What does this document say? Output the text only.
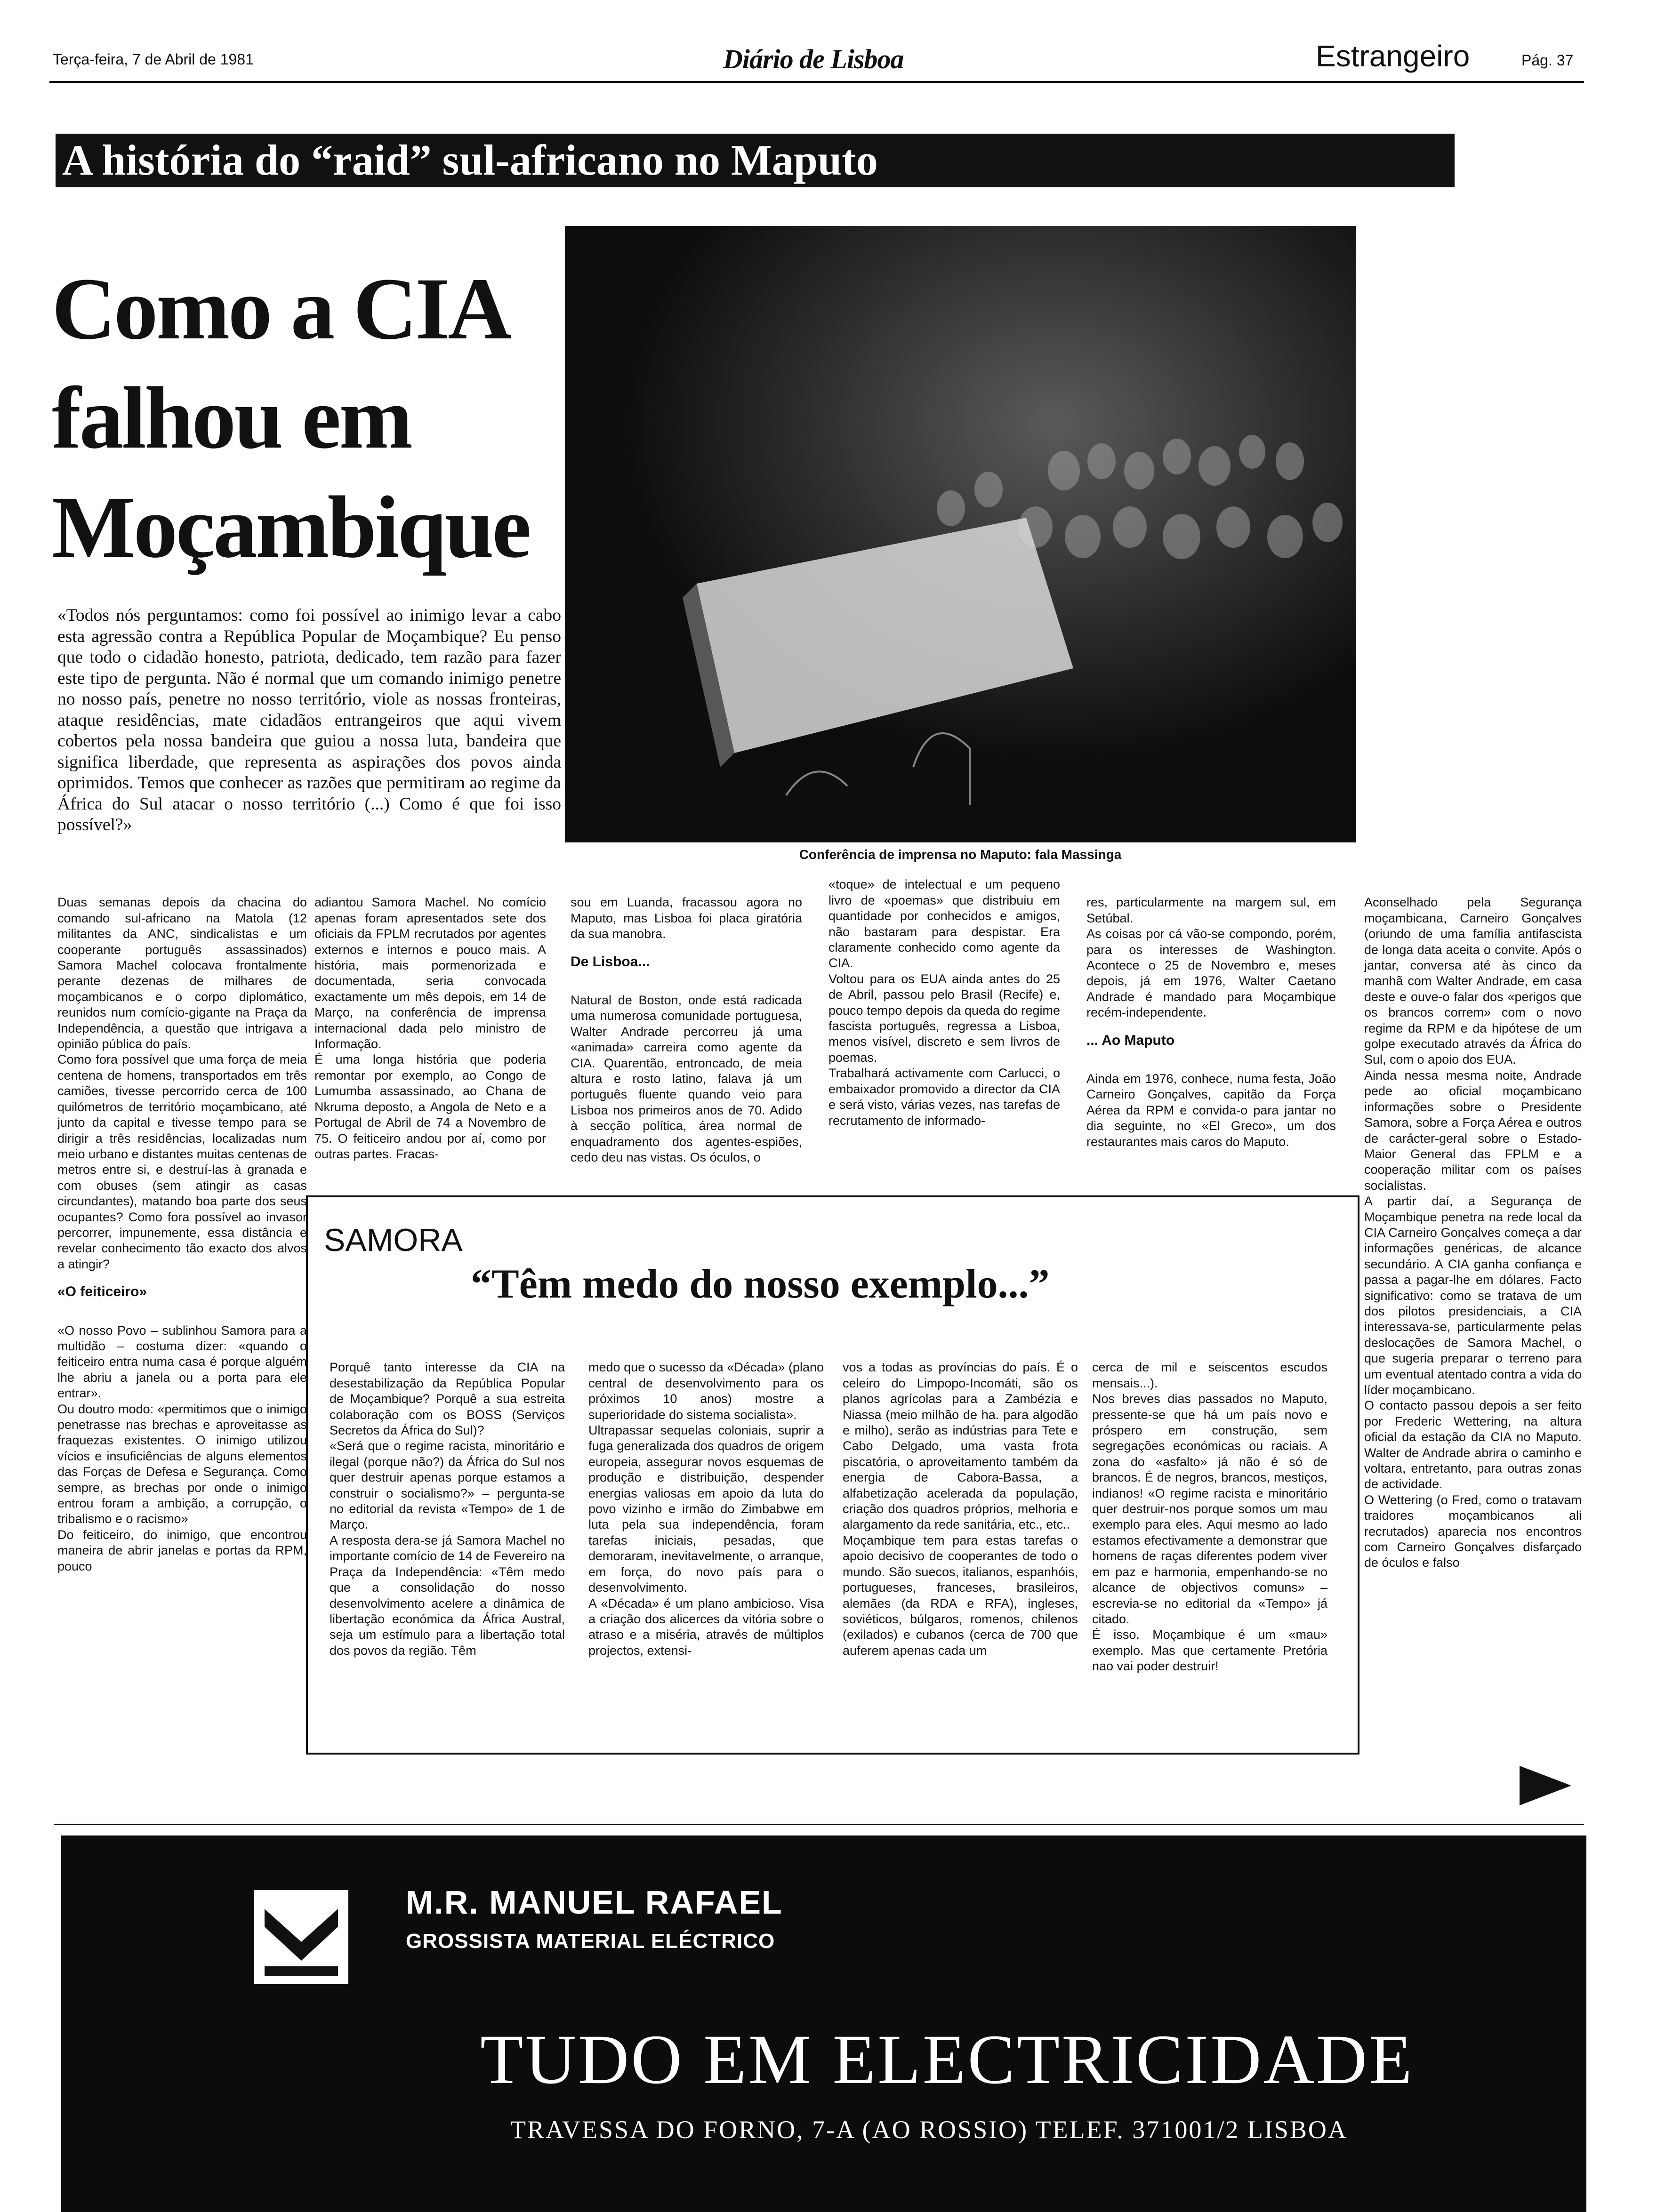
Terça-feira, 7 de Abril de 1981	Diário de Lisboa	Estrangeiro	Pág. 37
A história do “raid” sul-africano no Maputo
Como a CIA
falhou em
Moçambique
«Todos nós perguntamos: como foi possível ao inimigo levar a cabo esta agressão contra a República Popular de Moçambique? Eu penso que todo o cidadão honesto, patriota, dedicado, tem razão para fazer este tipo de pergunta. Não é normal que um comando inimigo penetre no nosso país, penetre no nosso território, viole as nossas fronteiras, ataque residências, mate cidadãos entrangeiros que aqui vivem cobertos pela nossa bandeira que guiou a nossa luta, bandeira que significa liberdade, que representa as aspirações dos povos ainda oprimidos. Temos que conhecer as razões que permitiram ao regime da África do Sul atacar o nosso território (...) Como é que foi isso possível?»
Conferência de imprensa no Maputo: fala Massinga

Duas semanas depois da chacina do comando sul-africano na Matola (12 militantes da ANC, sindicalistas e um cooperante português assassinados) Samora Machel colocava frontalmente perante dezenas de milhares de moçambicanos e o corpo diplomático, reunidos num comício-gigante na Praça da Independência, a questão que intrigava a opinião pública do país.
Como fora possível que uma força de meia centena de homens, transportados em três camiões, tivesse percorrido cerca de 100 quilómetros de território moçambicano, até junto da capital e tivesse tempo para se dirigir a três residências, localizadas num meio urbano e distantes muitas centenas de metros entre si, e destruí-las à granada e com obuses (sem atingir as casas circundantes), matando boa parte dos seus ocupantes? Como fora possível ao invasor percorrer, impunemente, essa distância e revelar conhecimento tão exacto dos alvos a atingir?

«O feiticeiro»

«O nosso Povo – sublinhou Samora para a multidão – costuma dizer: «quando o feiticeiro entra numa casa é porque alguém lhe abriu a janela ou a porta para ele entrar».
Ou doutro modo: «permitimos que o inimigo penetrasse nas brechas e aproveitasse as fraquezas existentes. O inimigo utilizou vícios e insuficiências de alguns elementos das Forças de Defesa e Segurança. Como sempre, as brechas por onde o inimigo entrou foram a ambição, a corrupção, o tribalismo e o racismo»
Do feiticeiro, do inimigo, que encontrou maneira de abrir janelas e portas da RPM, pouco

adiantou Samora Machel. No comício apenas foram apresentados sete dos oficiais da FPLM recrutados por agentes externos e internos e pouco mais. A história, mais pormenorizada e documentada, seria convocada exactamente um mês depois, em 14 de Março, na conferência de imprensa internacional dada pelo ministro de Informação.
É uma longa história que poderia remontar por exemplo, ao Congo de Lumumba assassinado, ao Chana de Nkruma deposto, a Angola de Neto e a Portugal de Abril de 74 a Novembro de 75. O feiticeiro andou por aí, como por outras partes. Fracas-

sou em Luanda, fracassou agora no Maputo, mas Lisboa foi placa giratória da sua manobra.

De Lisboa...

Natural de Boston, onde está radicada uma numerosa comunidade portuguesa, Walter Andrade percorreu já uma «animada» carreira como agente da CIA. Quarentão, entroncado, de meia altura e rosto latino, falava já um português fluente quando veio para Lisboa nos primeiros anos de 70. Adido à secção política, área normal de enquadramento dos agentes-espiões, cedo deu nas vistas. Os óculos, o

«toque» de intelectual e um pequeno livro de «poemas» que distribuiu em quantidade por conhecidos e amigos, não bastaram para despistar. Era claramente conhecido como agente da CIA.
Voltou para os EUA ainda antes do 25 de Abril, passou pelo Brasil (Recife) e, pouco tempo depois da queda do regime fascista português, regressa a Lisboa, menos visível, discreto e sem livros de poemas.
Trabalhará activamente com Carlucci, o embaixador promovido a director da CIA e será visto, várias vezes, nas tarefas de recrutamento de informado-

res, particularmente na margem sul, em Setúbal.
As coisas por cá vão-se compondo, porém, para os interesses de Washington. Acontece o 25 de Novembro e, meses depois, já em 1976, Walter Caetano Andrade é mandado para Moçambique recém-independente.

... Ao Maputo

Ainda em 1976, conhece, numa festa, João Carneiro Gonçalves, capitão da Força Aérea da RPM e convida-o para jantar no dia seguinte, no «El Greco», um dos restaurantes mais caros do Maputo.

Aconselhado pela Segurança moçambicana, Carneiro Gonçalves (oriundo de uma família antifascista de longa data aceita o convite. Após o jantar, conversa até às cinco da manhã com Walter Andrade, em casa deste e ouve-o falar dos «perigos que os brancos correm» com o novo regime da RPM e da hipótese de um golpe executado através da África do Sul, com o apoio dos EUA.
Ainda nessa mesma noite, Andrade pede ao oficial moçambicano informações sobre o Presidente Samora, sobre a Força Aérea e outros de carácter-geral sobre o Estado-Maior General das FPLM e a cooperação militar com os países socialistas.
A partir daí, a Segurança de Moçambique penetra na rede local da CIA Carneiro Gonçalves começa a dar informações genéricas, de alcance secundário. A CIA ganha confiança e passa a pagar-lhe em dólares. Facto significativo: como se tratava de um dos pilotos presidenciais, a CIA interessava-se, particularmente pelas deslocações de Samora Machel, o que sugeria preparar o terreno para um eventual atentado contra a vida do líder moçambicano.
O contacto passou depois a ser feito por Frederic Wettering, na altura oficial da estação da CIA no Maputo. Walter de Andrade abrira o caminho e voltara, entretanto, para outras zonas de actividade.
O Wettering (o Fred, como o tratavam traidores moçambicanos ali recrutados) aparecia nos encontros com Carneiro Gonçalves disfarçado de óculos e falso

SAMORA
“Têm medo do nosso exemplo...”

Porquê tanto interesse da CIA na desestabilização da República Popular de Moçambique? Porquê a sua estreita colaboração com os BOSS (Serviços Secretos da África do Sul)?
«Será que o regime racista, minoritário e ilegal (porque não?) da África do Sul nos quer destruir apenas porque estamos a construir o socialismo?» – pergunta-se no editorial da revista «Tempo» de 1 de Março.
A resposta dera-se já Samora Machel no importante comício de 14 de Fevereiro na Praça da Independência: «Têm medo que a consolidação do nosso desenvolvimento acelere a dinâmica de libertação económica da África Austral, seja um estímulo para a libertação total dos povos da região. Têm

medo que o sucesso da «Década» (plano central de desenvolvimento para os próximos 10 anos) mostre a superioridade do sistema socialista».
Ultrapassar sequelas coloniais, suprir a fuga generalizada dos quadros de origem europeia, assegurar novos esquemas de produção e distribuição, despender energias valiosas em apoio da luta do povo vizinho e irmão do Zimbabwe em luta pela sua independência, foram tarefas iniciais, pesadas, que demoraram, inevitavelmente, o arranque, em força, do novo país para o desenvolvimento.
A «Década» é um plano ambicioso. Visa a criação dos alicerces da vitória sobre o atraso e a miséria, através de múltiplos projectos, extensi-

vos a todas as províncias do país. É o celeiro do Limpopo-Incomáti, são os planos agrícolas para a Zambézia e Niassa (meio milhão de ha. para algodão e milho), serão as indústrias para Tete e Cabo Delgado, uma vasta frota piscatória, o aproveitamento também da energia de Cabora-Bassa, a alfabetização acelerada da população, criação dos quadros próprios, melhoria e alargamento da rede sanitária, etc., etc..
Moçambique tem para estas tarefas o apoio decisivo de cooperantes de todo o mundo. São suecos, italianos, espanhóis, portugueses, franceses, brasileiros, alemães (da RDA e RFA), ingleses, soviéticos, búlgaros, romenos, chilenos (exilados) e cubanos (cerca de 700 que auferem apenas cada um

cerca de mil e seiscentos escudos mensais...).
Nos breves dias passados no Maputo, pressente-se que há um país novo e próspero em construção, sem segregações económicas ou raciais. A zona do «asfalto» já não é só de brancos. É de negros, brancos, mestiços, indianos! «O regime racista e minoritário quer destruir-nos porque somos um mau exemplo para eles. Aqui mesmo ao lado estamos efectivamente a demonstrar que homens de raças diferentes podem viver em paz e harmonia, empenhando-se no alcance de objectivos comuns» – escrevia-se no editorial da «Tempo» já citado.
É isso. Moçambique é um «mau» exemplo. Mas que certamente Pretória nao vai poder destruir!

M.R. MANUEL RAFAEL
GROSSISTA MATERIAL ELÉCTRICO
TUDO EM ELECTRICIDADE
TRAVESSA DO FORNO, 7-A (AO ROSSIO) TELEF. 371001/2 LISBOA
